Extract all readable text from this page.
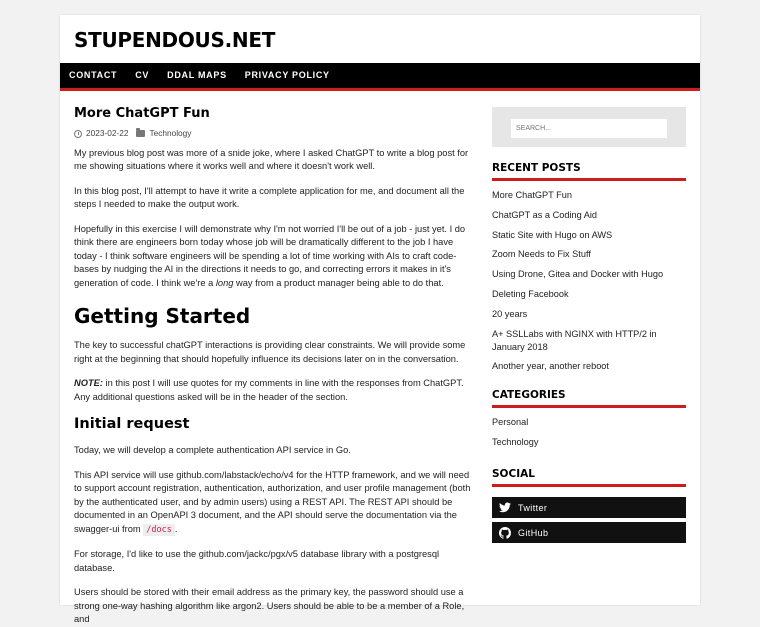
STUPENDOUS.NET
CONTACT	CV	DDAL MAPS	PRIVACY POLICY
More ChatGPT Fun
2023-02-22	Technology

My previous blog post was more of a snide joke, where I asked ChatGPT to write a blog post for me showing situations where it works well and where it doesn't work well.

In this blog post, I'll attempt to have it write a complete application for me, and document all the steps I needed to make the output work.

Hopefully in this exercise I will demonstrate why I'm not worried I'll be out of a job - just yet. I do think there are engineers born today whose job will be dramatically different to the job I have today - I think software engineers will be spending a lot of time working with AIs to craft code-bases by nudging the AI in the directions it needs to go, and correcting errors it makes in it's generation of code. I think we're a long way from a product manager being able to do that.

Getting Started

The key to successful chatGPT interactions is providing clear constraints. We will provide some right at the beginning that should hopefully influence its decisions later on in the conversation.

NOTE: in this post I will use quotes for my comments in line with the responses from ChatGPT. Any additional questions asked will be in the header of the section.

Initial request

Today, we will develop a complete authentication API service in Go.

This API service will use github.com/labstack/echo/v4 for the HTTP framework, and we will need to support account registration, authentication, authorization, and user profile management (both by the authenticated user, and by admin users) using a REST API. The REST API should be documented in an OpenAPI 3 document, and the API should serve the documentation via the swagger-ui from /docs .

For storage, I'd like to use the github.com/jackc/pgx/v5 database library with a postgresql database.

Users should be stored with their email address as the primary key, the password should use a strong one-way hashing algorithm like argon2. Users should be able to be a member of a Role, and

SEARCH...
RECENT POSTS
More ChatGPT Fun
ChatGPT as a Coding Aid
Static Site with Hugo on AWS
Zoom Needs to Fix Stuff
Using Drone, Gitea and Docker with Hugo
Deleting Facebook
20 years
A+ SSLLabs with NGINX with HTTP/2 in January 2018
Another year, another reboot
CATEGORIES
Personal
Technology
SOCIAL
Twitter
GitHub
